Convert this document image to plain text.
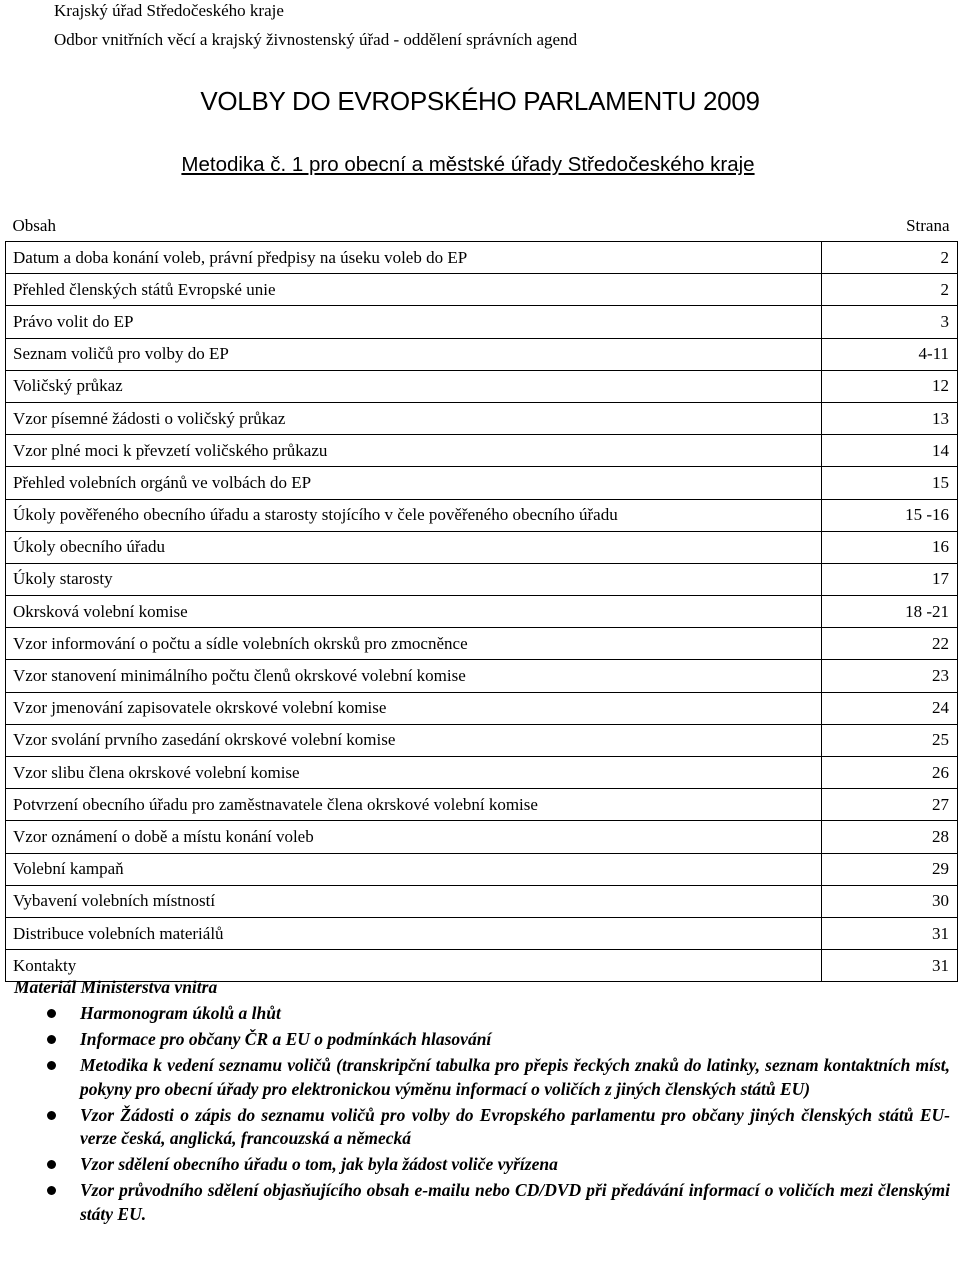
Krajský úřad Středočeského kraje
Odbor vnitřních věcí a krajský živnostenský úřad - oddělení správních agend
VOLBY DO EVROPSKÉHO PARLAMENTU 2009
Metodika č. 1 pro obecní a městské úřady Středočeského kraje
Obsah	Strana
Datum a doba konání voleb, právní předpisy na úseku voleb do EP	2
Přehled členských států Evropské unie	2
Právo volit do EP	3
Seznam voličů pro volby do EP	4-11
Voličský průkaz	12
Vzor písemné žádosti o voličský průkaz	13
Vzor plné moci k převzetí voličského průkazu	14
Přehled volebních orgánů ve volbách do EP	15
Úkoly pověřeného obecního úřadu a starosty stojícího v čele pověřeného obecního úřadu	15 -16
Úkoly obecního úřadu	16
Úkoly starosty	17
Okrsková volební komise	18 -21
Vzor informování o počtu a sídle volebních okrsků pro zmocněnce	22
Vzor stanovení minimálního počtu členů okrskové volební komise	23
Vzor jmenování zapisovatele okrskové volební komise	24
Vzor svolání prvního zasedání okrskové volební komise	25
Vzor slibu člena okrskové volební komise	26
Potvrzení obecního úřadu pro zaměstnavatele člena okrskové volební komise	27
Vzor oznámení o době a místu konání voleb	28
Volební kampaň	29
Vybavení volebních místností	30
Distribuce volebních materiálů	31
Kontakty	31
Materiál Ministerstva vnitra
Harmonogram úkolů a lhůt
Informace pro občany ČR a EU o podmínkách hlasování
Metodika k vedení seznamu voličů (transkripční tabulka pro přepis řeckých znaků do latinky, seznam kontaktních míst, pokyny pro obecní úřady pro elektronickou výměnu informací o voličích z jiných členských států EU)
Vzor Žádosti o zápis do seznamu voličů pro volby do Evropského parlamentu pro občany jiných členských států EU- verze česká, anglická, francouzská a německá
Vzor sdělení obecního úřadu o tom, jak byla žádost voliče vyřízena
Vzor průvodního sdělení objasňujícího obsah e-mailu nebo CD/DVD při předávání informací o voličích mezi členskými státy EU.
